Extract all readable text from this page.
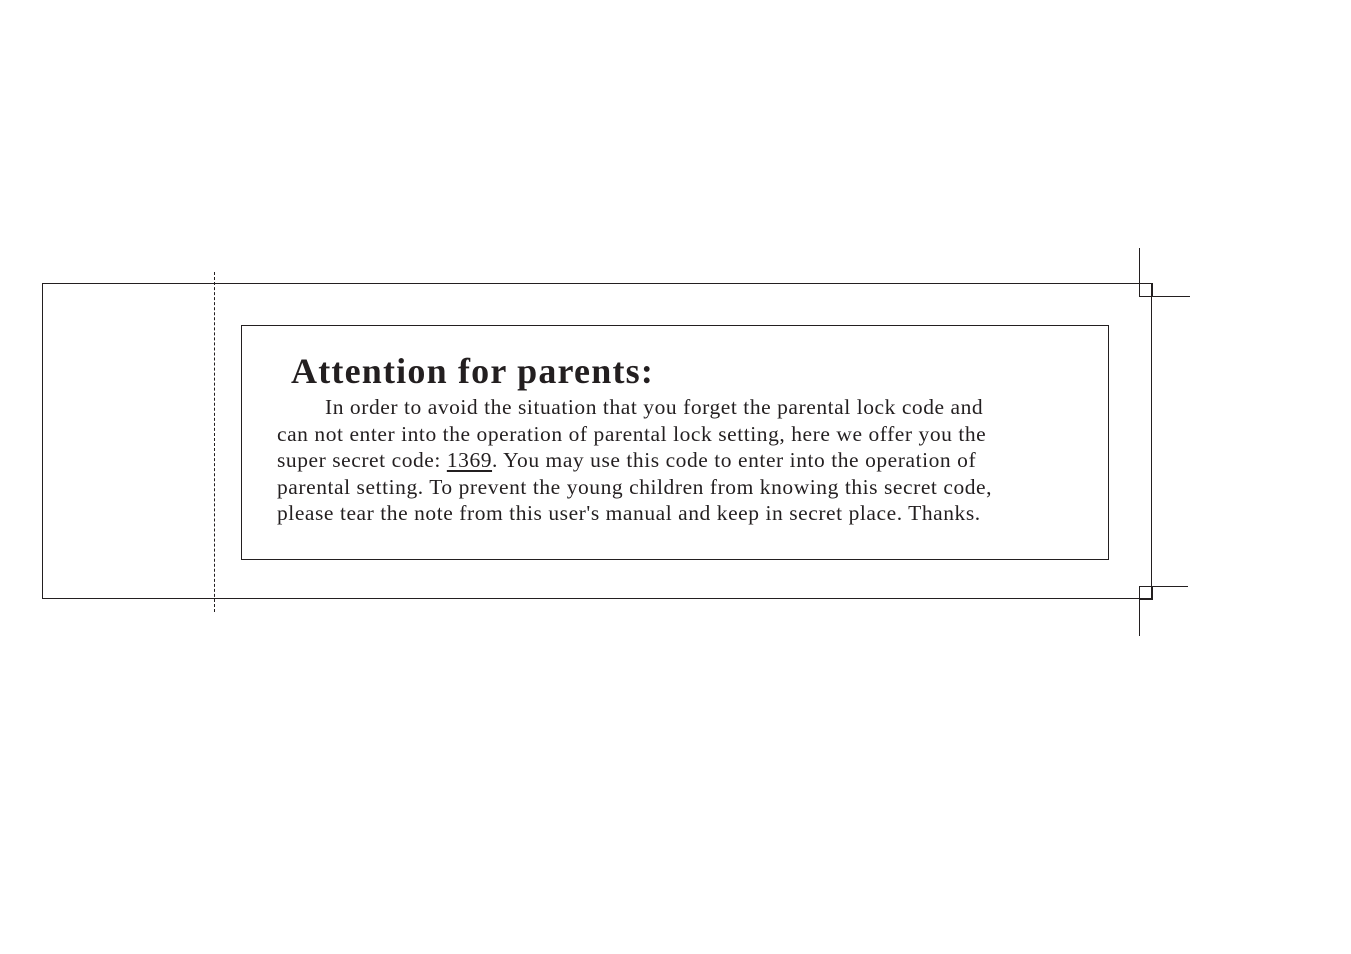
Attention for parents:
In order to avoid the situation that you forget the parental lock code and
can not enter into the operation of parental lock setting, here we offer you the
super secret code: 1369. You may use this code to enter into the operation of
parental setting. To prevent the young children from knowing this secret code,
please tear the note from this user's manual and keep in secret place. Thanks.
